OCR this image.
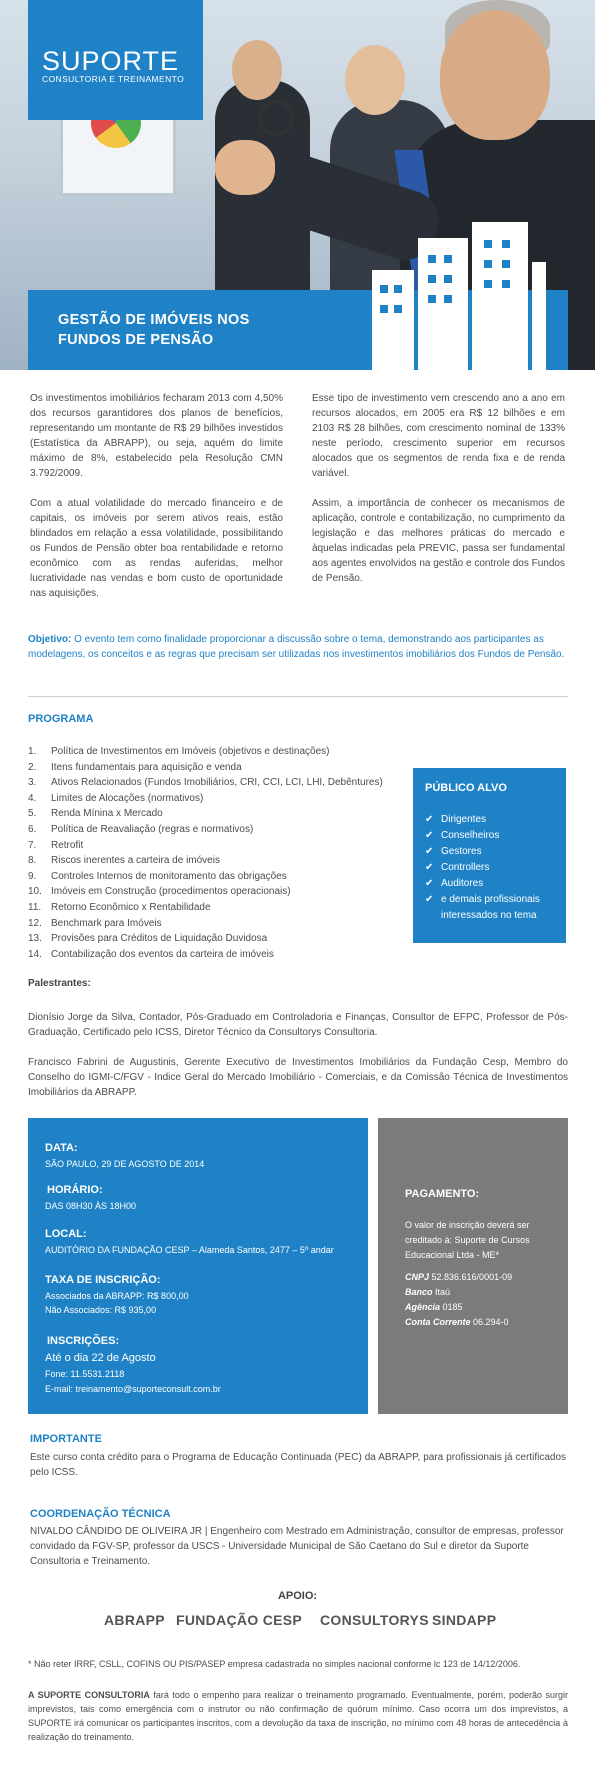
SUPORTE
CONSULTORIA E TREINAMENTO
GESTÃO DE IMÓVEIS NOS
FUNDOS DE PENSÃO

Os investimentos imobiliários fecharam 2013 com 4,50% dos recursos garantidores dos planos de benefícios, representando um montante de R$ 29 bilhões investidos (Estatística da ABRAPP), ou seja, aquém do limite máximo de 8%, estabelecido pela Resolução CMN 3.792/2009.

Com a atual volatilidade do mercado financeiro e de capitais, os imóveis por serem ativos reais, estão blindados em relação a essa volatilidade, possibilitando os Fundos de Pensão obter boa rentabilidade e retorno econômico com as rendas auferidas, melhor lucratividade nas vendas e bom custo de oportunidade nas aquisições.

Esse tipo de investimento vem crescendo ano a ano em recursos alocados, em 2005 era R$ 12 bilhões e em 2103 R$ 28 bilhões, com crescimento nominal de 133% neste período, crescimento superior em recursos alocados que os segmentos de renda fixa e de renda variável.

Assim, a importância de conhecer os mecanismos de aplicação, controle e contabilização, no cumprimento da legislação e das melhores práticas do mercado e àquelas indicadas pela PREVIC, passa ser fundamental aos agentes envolvidos na gestão e controle dos Fundos de Pensão.

Objetivo: O evento tem como finalidade proporcionar a discussão sobre o tema, demonstrando aos participantes as modelagens, os conceitos e as regras que precisam ser utilizadas nos investimentos imobiliários dos Fundos de Pensão.
PROGRAMA
1. Política de Investimentos em Imóveis (objetivos e destinações)
2. Itens fundamentais para aquisição e venda
3. Ativos Relacionados (Fundos Imobiliários, CRI, CCI, LCI, LHI, Debêntures)
4. Limites de Alocações (normativos)
5. Renda Mínina x Mercado
6. Política de Reavaliação (regras e normativos)
7. Retrofit
8. Riscos inerentes a carteira de imóveis
9. Controles Internos de monitoramento das obrigações
10. Imóveis em Construção (procedimentos operacionais)
11. Retorno Econômico x Rentabilidade
12. Benchmark para Imóveis
13. Provisões para Créditos de Liquidação Duvidosa
14. Contabilização dos eventos da carteira de imóveis
PÚBLICO ALVO
✔ Dirigentes
✔ Conselheiros
✔ Gestores
✔ Controllers
✔ Auditores
✔ e demais profissionais interessados no tema
Palestrantes:
Dionísio Jorge da Silva, Contador, Pós-Graduado em Controladoria e Finanças, Consultor de EFPC, Professor de Pós-Graduação, Certificado pelo ICSS, Diretor Técnico da Consultorys Consultoria.
Francisco Fabrini de Augustinis, Gerente Executivo de Investimentos Imobiliários da Fundação Cesp, Membro do Conselho do IGMI-C/FGV - Indice Geral do Mercado Imobiliário - Comerciais, e da Comissão Técnica de Investimentos Imobiliários da ABRAPP.
DATA:
SÃO PAULO, 29 DE AGOSTO DE 2014
HORÁRIO:
DAS 08H30 ÀS 18H00
LOCAL:
AUDITÓRIO DA FUNDAÇÃO CESP – Alameda Santos, 2477 – 5º andar
TAXA DE INSCRIÇÃO:
Associados da ABRAPP: R$ 800,00
Não Associados: R$ 935,00
INSCRIÇÕES:
Até o dia 22 de Agosto
Fone: 11.5531.2118
E-mail: treinamento@suporteconsult.com.br
PAGAMENTO:
O valor de inscrição deverá ser creditado à: Suporte de Cursos Educacional Ltda - ME*
CNPJ 52.836.616/0001-09
Banco Itaú
Agência 0185
Conta Corrente 06.294-0
IMPORTANTE
Este curso conta crédito para o Programa de Educação Continuada (PEC) da ABRAPP, para profissionais já certificados pelo ICSS.
COORDENAÇÃO TÉCNICA
NIVALDO CÂNDIDO DE OLIVEIRA JR | Engenheiro com Mestrado em Administração, consultor de empresas, professor convidado da FGV-SP, professor da USCS - Universidade Municipal de São Caetano do Sul e diretor da Suporte Consultoria e Treinamento.
APOIO:
ABRAPP FUNDAÇÃO CESP CONSULTORYS SINDAPP
* Não reter IRRF, CSLL, COFINS OU PIS/PASEP empresa cadastrada no simples nacional conforme lc 123 de 14/12/2006.
A SUPORTE CONSULTORIA fará todo o empenho para realizar o treinamento programado. Eventualmente, porém, poderão surgir imprevistos, tais como emergência com o instrutor ou não confirmação de quórum mínimo. Caso ocorra um dos imprevistos, a SUPORTE irá comunicar os participantes inscritos, com a devolução da taxa de inscrição, no mínimo com 48 horas de antecedência à realização do treinamento.
